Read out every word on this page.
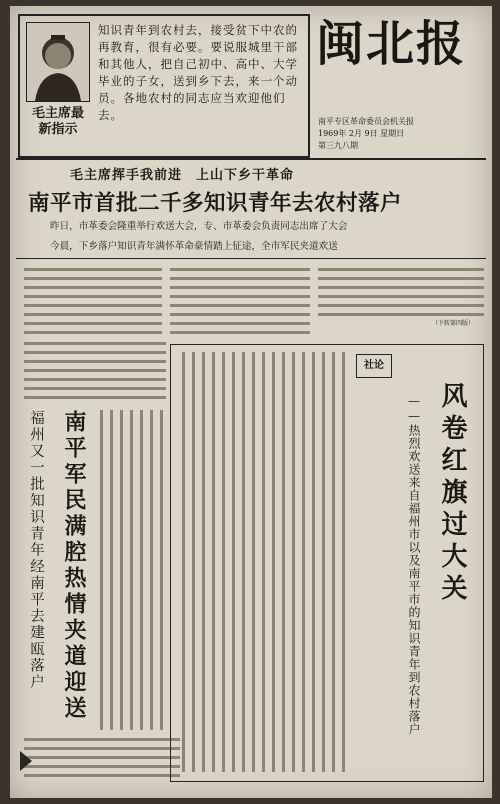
毛主席最新指示
知识青年到农村去，接受贫下中农的再教育，很有必要。要说服城里干部和其他人，把自己初中、高中、大学毕业的子女，送到乡下去，来一个动员。各地农村的同志应当欢迎他们去。
闽北报
南平专区革命委员会机关报
1969年 2月 9日 星期日
第三九八期
毛主席挥手我前进　上山下乡干革命
南平市首批二千多知识青年去农村落户
昨日，市革委会隆重举行欢送大会，专、市革委会负责同志出席了大会
今晨，下乡落户知识青年满怀革命豪情踏上征途，全市军民夹道欢送
（下转第四版）
福州又一批知识青年经南平去建瓯落户 南平军民满腔热情夹道迎送
社论
风卷红旗过大关
——热烈欢送来自福州市以及南平市的知识青年到农村落户
